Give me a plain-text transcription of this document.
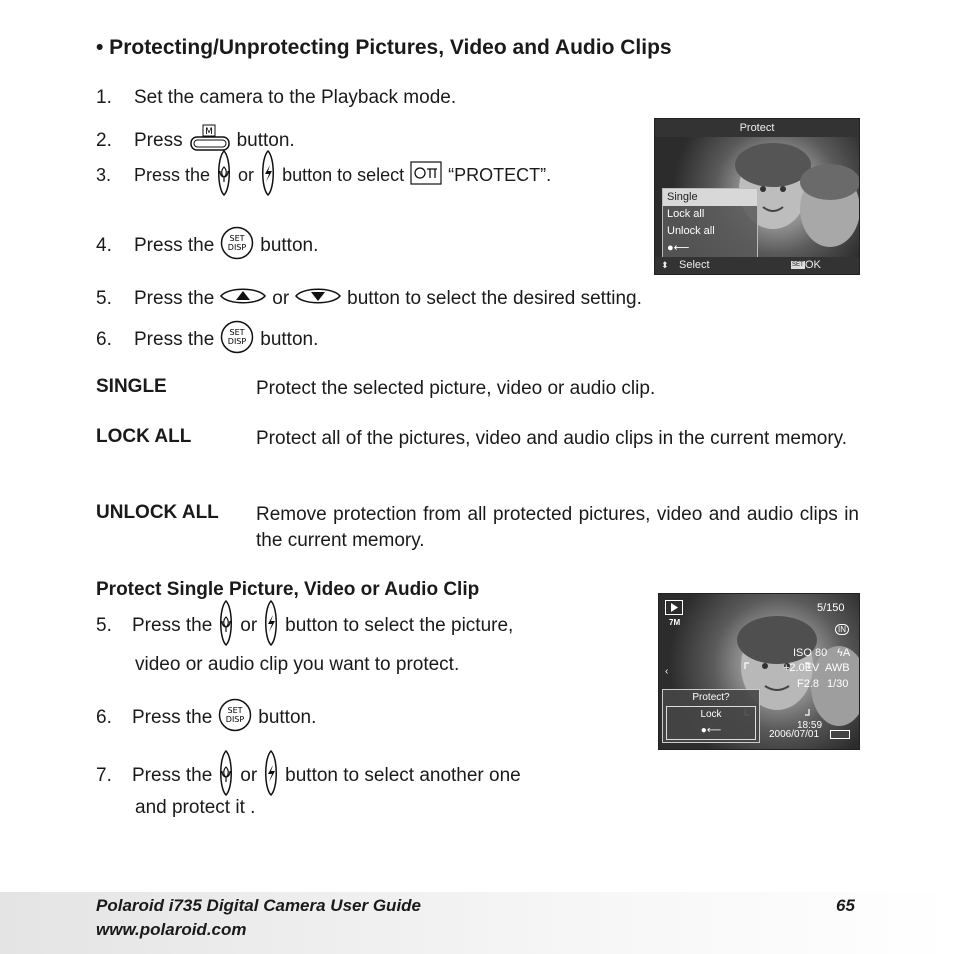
• Protecting/Unprotecting Pictures, Video and Audio Clips
1.	Set the camera to the Playback mode.
2.	Press M button.
3.	Press the or button to select “PROTECT”.
4.	Press the SET
DISP button.
5.	Press the	or	button to select the desired setting.
6.	Press the SET
DISP button.
Protect
Single
Lock all
Unlock all
●⟵
⬍ Select	SET OK
SINGLE	Protect the selected picture, video or audio clip.
LOCK ALL	Protect all of the pictures, video and audio clips in the current memory.
UNLOCK ALL Remove protection from all protected pictures, video and audio clips in the current memory.
Protect Single Picture, Video or Audio Clip
5.	Press the or button to select the picture,
video or audio clip you want to protect.
6.	Press the SET
DISP button.
7.	Press the or button to select another one
and protect it .
7M
5/150
IN
‹
ISO 80 ϟA
+2.0EV AWB
F2.8 1/30
18:59
2006/07/01
Protect?
Lock
●⟵
Polaroid i735 Digital Camera User Guide
www.polaroid.com
65
